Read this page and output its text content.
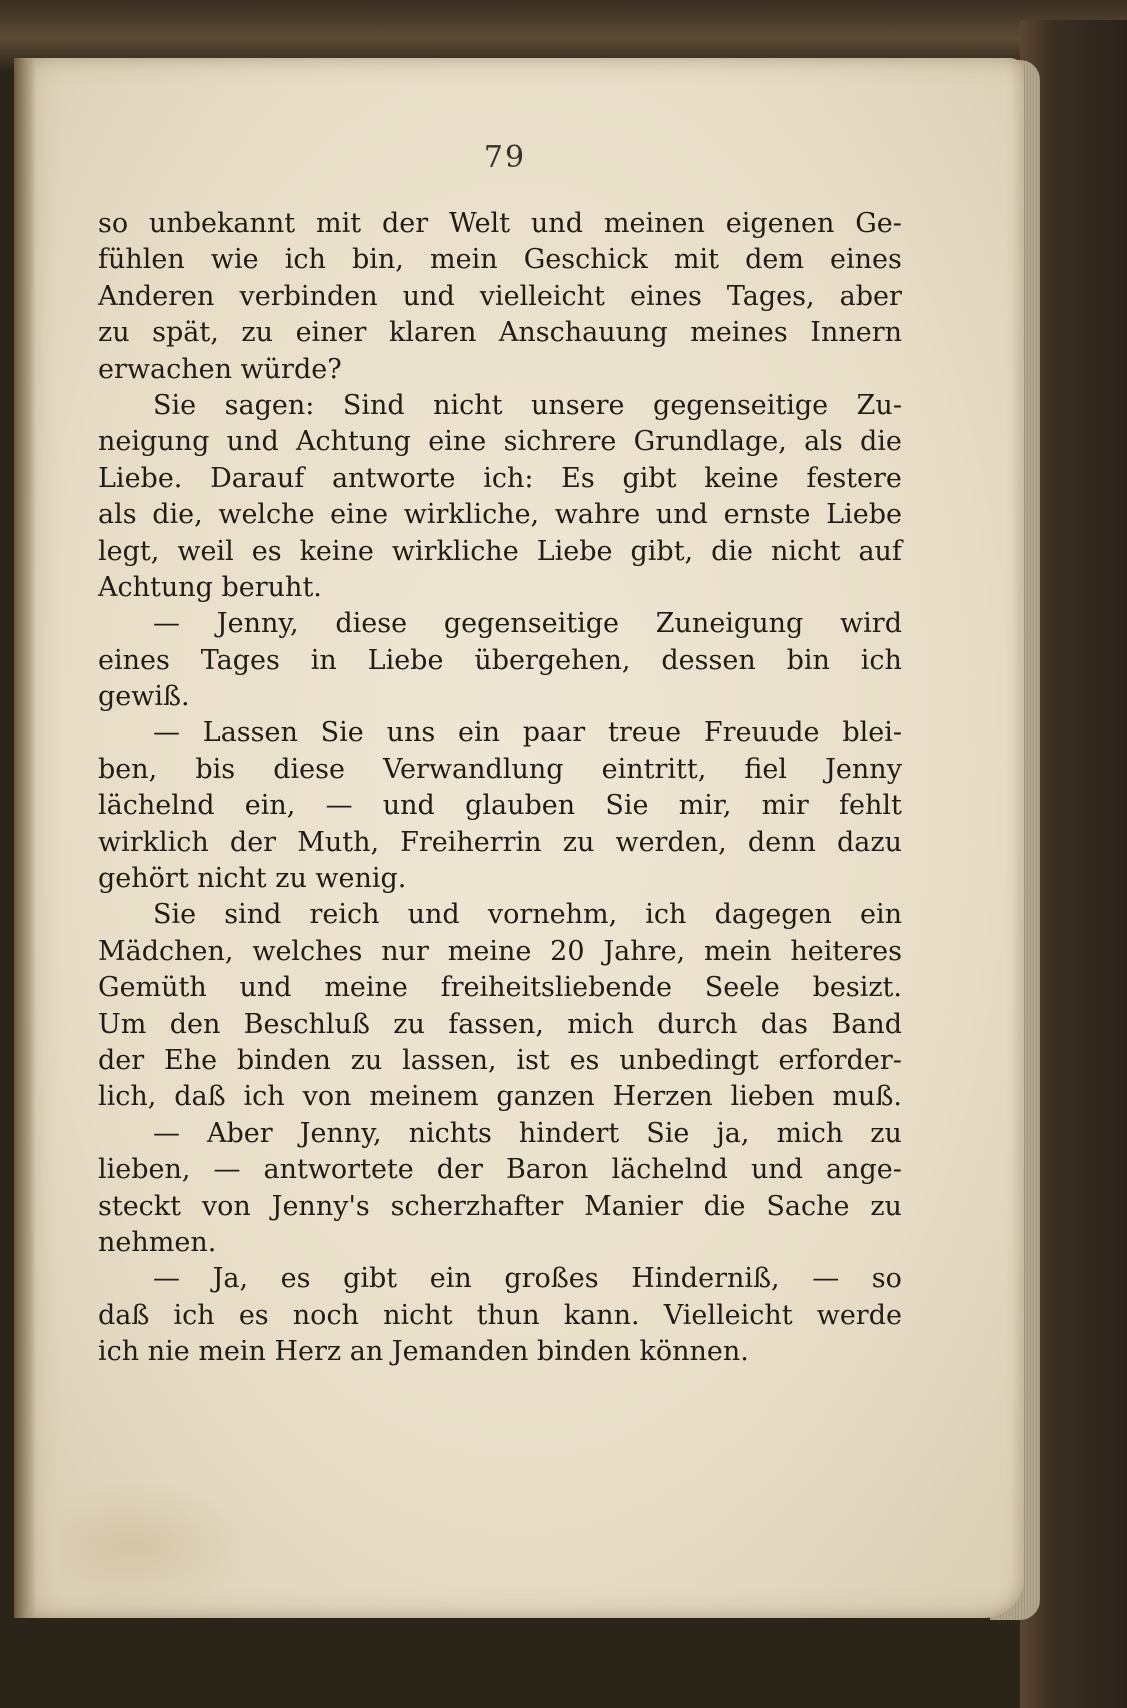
79
so unbekannt mit der Welt und meinen eigenen Ge-
fühlen wie ich bin, mein Geschick mit dem eines
Anderen verbinden und vielleicht eines Tages, aber
zu spät, zu einer klaren Anschauung meines Innern
erwachen würde?
Sie sagen: Sind nicht unsere gegenseitige Zu-
neigung und Achtung eine sichrere Grundlage, als die
Liebe. Darauf antworte ich: Es gibt keine festere
als die, welche eine wirkliche, wahre und ernste Liebe
legt, weil es keine wirkliche Liebe gibt, die nicht auf
Achtung beruht.
— Jenny, diese gegenseitige Zuneigung wird
eines Tages in Liebe übergehen, dessen bin ich
gewiß.
— Lassen Sie uns ein paar treue Freuude blei-
ben, bis diese Verwandlung eintritt, fiel Jenny
lächelnd ein, — und glauben Sie mir, mir fehlt
wirklich der Muth, Freiherrin zu werden, denn dazu
gehört nicht zu wenig.
Sie sind reich und vornehm, ich dagegen ein
Mädchen, welches nur meine 20 Jahre, mein heiteres
Gemüth und meine freiheitsliebende Seele besizt.
Um den Beschluß zu fassen, mich durch das Band
der Ehe binden zu lassen, ist es unbedingt erforder-
lich, daß ich von meinem ganzen Herzen lieben muß.
— Aber Jenny, nichts hindert Sie ja, mich zu
lieben, — antwortete der Baron lächelnd und ange-
steckt von Jenny's scherzhafter Manier die Sache zu
nehmen.
— Ja, es gibt ein großes Hinderniß, — so
daß ich es noch nicht thun kann. Vielleicht werde
ich nie mein Herz an Jemanden binden können.
